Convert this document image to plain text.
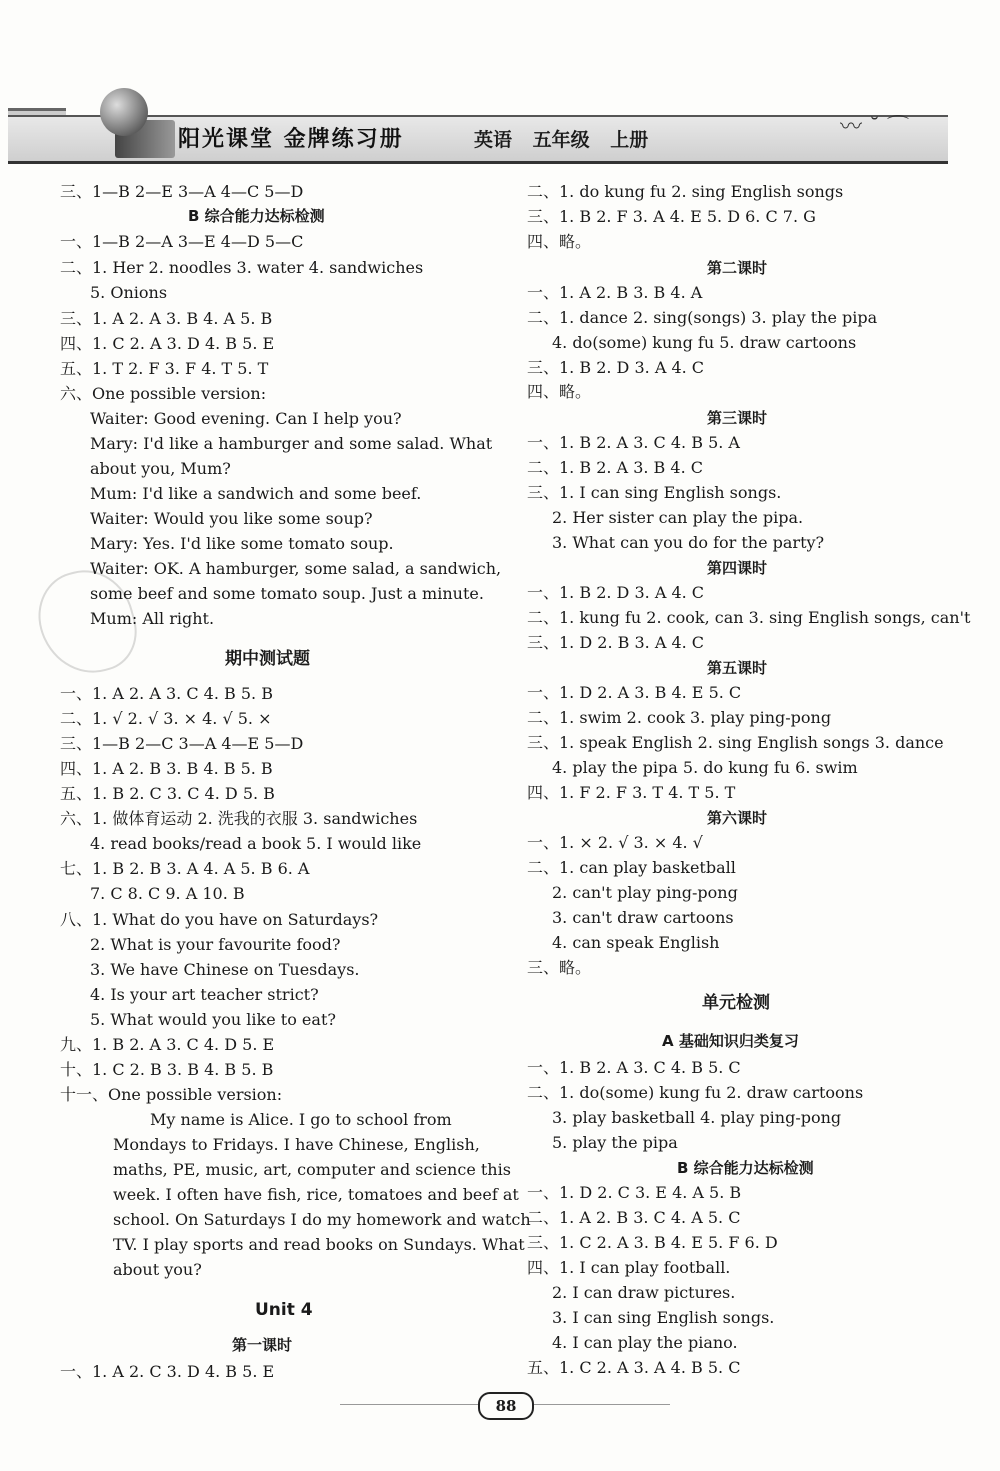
阳光课堂 金牌练习册	英语 五年级 上册	〰 ˘ ⌒
三、1—B 2—E 3—A 4—C 5—D
B 综合能力达标检测
一、1—B 2—A 3—E 4—D 5—C
二、1. Her 2. noodles 3. water 4. sandwiches
5. Onions
三、1. A 2. A 3. B 4. A 5. B
四、1. C 2. A 3. D 4. B 5. E
五、1. T 2. F 3. F 4. T 5. T
六、One possible version:
Waiter: Good evening. Can I help you?
Mary: I'd like a hamburger and some salad. What
about you, Mum?
Mum: I'd like a sandwich and some beef.
Waiter: Would you like some soup?
Mary: Yes. I'd like some tomato soup.
Waiter: OK. A hamburger, some salad, a sandwich,
some beef and some tomato soup. Just a minute.
Mum: All right.
期中测试题
一、1. A 2. A 3. C 4. B 5. B
二、1. √ 2. √ 3. × 4. √ 5. ×
三、1—B 2—C 3—A 4—E 5—D
四、1. A 2. B 3. B 4. B 5. B
五、1. B 2. C 3. C 4. D 5. B
六、1. 做体育运动 2. 洗我的衣服 3. sandwiches
4. read books/read a book 5. I would like
七、1. B 2. B 3. A 4. A 5. B 6. A
7. C 8. C 9. A 10. B
八、1. What do you have on Saturdays?
2. What is your favourite food?
3. We have Chinese on Tuesdays.
4. Is your art teacher strict?
5. What would you like to eat?
九、1. B 2. A 3. C 4. D 5. E
十、1. C 2. B 3. B 4. B 5. B
十一、One possible version:
My name is Alice. I go to school from
Mondays to Fridays. I have Chinese, English,
maths, PE, music, art, computer and science this
week. I often have fish, rice, tomatoes and beef at
school. On Saturdays I do my homework and watch
TV. I play sports and read books on Sundays. What
about you?
Unit 4
第一课时
一、1. A 2. C 3. D 4. B 5. E
二、1. do kung fu 2. sing English songs
三、1. B 2. F 3. A 4. E 5. D 6. C 7. G
四、略。
第二课时
一、1. A 2. B 3. B 4. A
二、1. dance 2. sing(songs) 3. play the pipa
4. do(some) kung fu 5. draw cartoons
三、1. B 2. D 3. A 4. C
四、略。
第三课时
一、1. B 2. A 3. C 4. B 5. A
二、1. B 2. A 3. B 4. C
三、1. I can sing English songs.
2. Her sister can play the pipa.
3. What can you do for the party?
第四课时
一、1. B 2. D 3. A 4. C
二、1. kung fu 2. cook, can 3. sing English songs, can't
三、1. D 2. B 3. A 4. C
第五课时
一、1. D 2. A 3. B 4. E 5. C
二、1. swim 2. cook 3. play ping-pong
三、1. speak English 2. sing English songs 3. dance
4. play the pipa 5. do kung fu 6. swim
四、1. F 2. F 3. T 4. T 5. T
第六课时
一、1. × 2. √ 3. × 4. √
二、1. can play basketball
2. can't play ping-pong
3. can't draw cartoons
4. can speak English
三、略。
单元检测
A 基础知识归类复习
一、1. B 2. A 3. C 4. B 5. C
二、1. do(some) kung fu 2. draw cartoons
3. play basketball 4. play ping-pong
5. play the pipa
B 综合能力达标检测
一、1. D 2. C 3. E 4. A 5. B
二、1. A 2. B 3. C 4. A 5. C
三、1. C 2. A 3. B 4. E 5. F 6. D
四、1. I can play football.
2. I can draw pictures.
3. I can sing English songs.
4. I can play the piano.
五、1. C 2. A 3. A 4. B 5. C
88
